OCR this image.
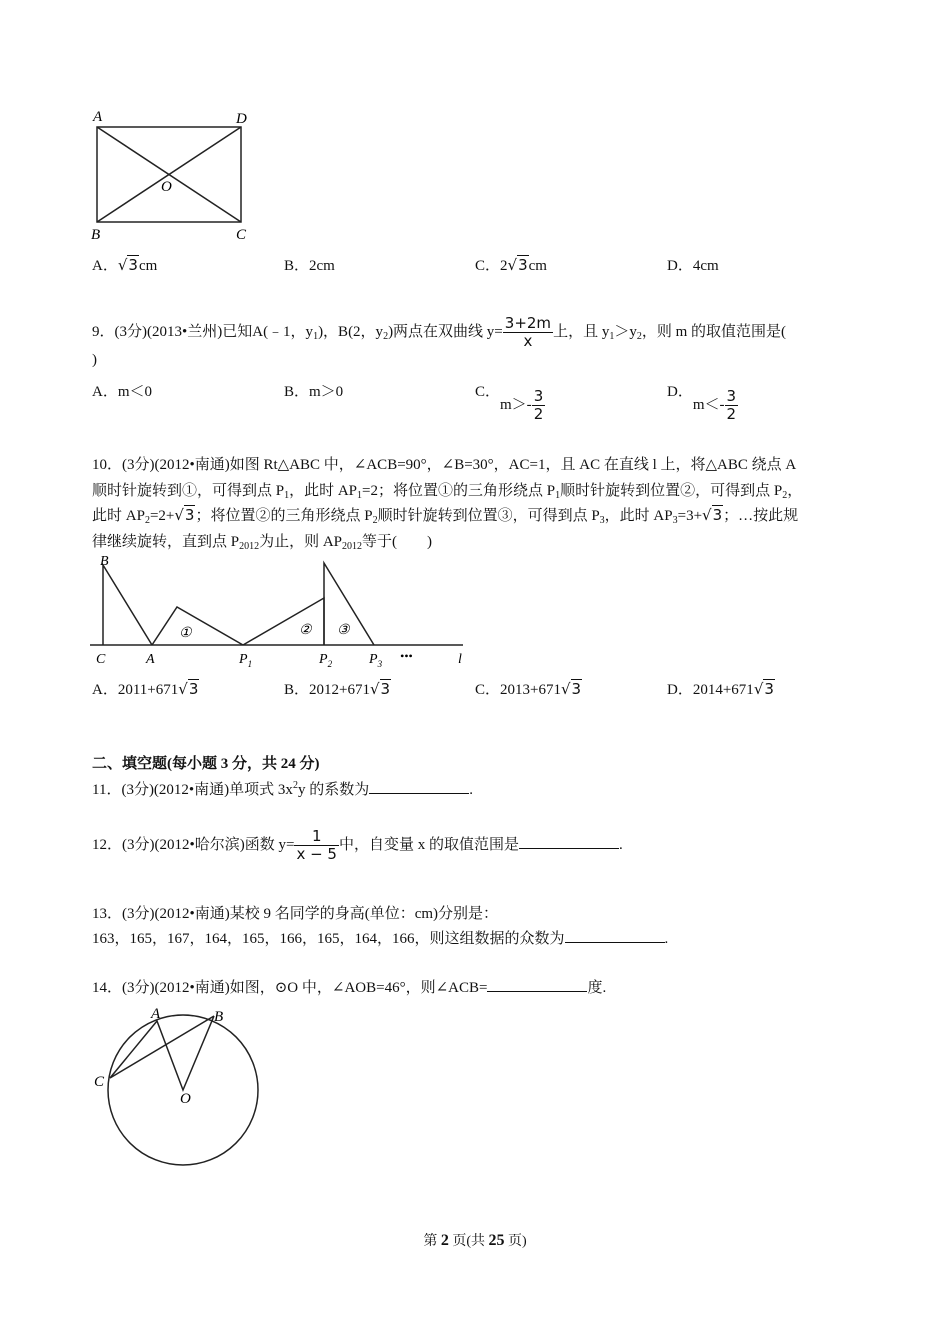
A	D
B	C
O
A．√3cm	B．2cm	C．2√3cm	D．4cm
9．(3分)(2013•兰州)已知A(﹣1，$y_1$)，B(2，$y_2$)两点在双曲线 $y= \frac{3+2m}{x}$ 上，且 $y_1>y_2$，则 m 的取值范围是(
)
A．m＜0	B．m＞0	C．$m>- \frac{3}{2}$	D．$m<- \frac{3}{2}$
10．(3分)(2012•南通)如图 Rt△ABC 中，∠ACB=90°，∠B=30°，AC=1，且 AC 在直线 l 上，将△ABC 绕点 A
顺时针旋转到①，可得到点 $P_1$，此时 $AP_1=2$；将位置①的三角形绕点 $P_1$顺时针旋转到位置②，可得到点 $P_2$，
此时 $AP_2=2+√3$；将位置②的三角形绕点 $P_2$顺时针旋转到位置③，可得到点 $P_3$，此时 $AP_3=3+√3$；…按此规
律继续旋转，直到点 $P_{2012}$为止，则 $AP_{2012}$等于(　　)
B
C	A	$P_1$	$P_2$	$P_3$
•••	l
①	② ③
A．2011+671√3	B．2012+671√3	C．2013+671√3	D．2014+671√3
二、填空题(每小题 3 分，共 24 分)
11．(3分)(2012•南通)单项式 $3x^2y$ 的系数为	.
12．(3分)(2012•哈尔滨)函数 $y= \frac{1}{x - 5}$ 中，自变量 x 的取值范围是	.
13．(3分)(2012•南通)某校 9 名同学的身高(单位：cm)分别是：
163，165，167，164，165，166，165，164，166，则这组数据的众数为	.
14．(3分)(2012•南通)如图，⊙O 中，∠AOB=46°，则∠ACB=	度.
A	B
C
O
第 2 页(共 25 页)
